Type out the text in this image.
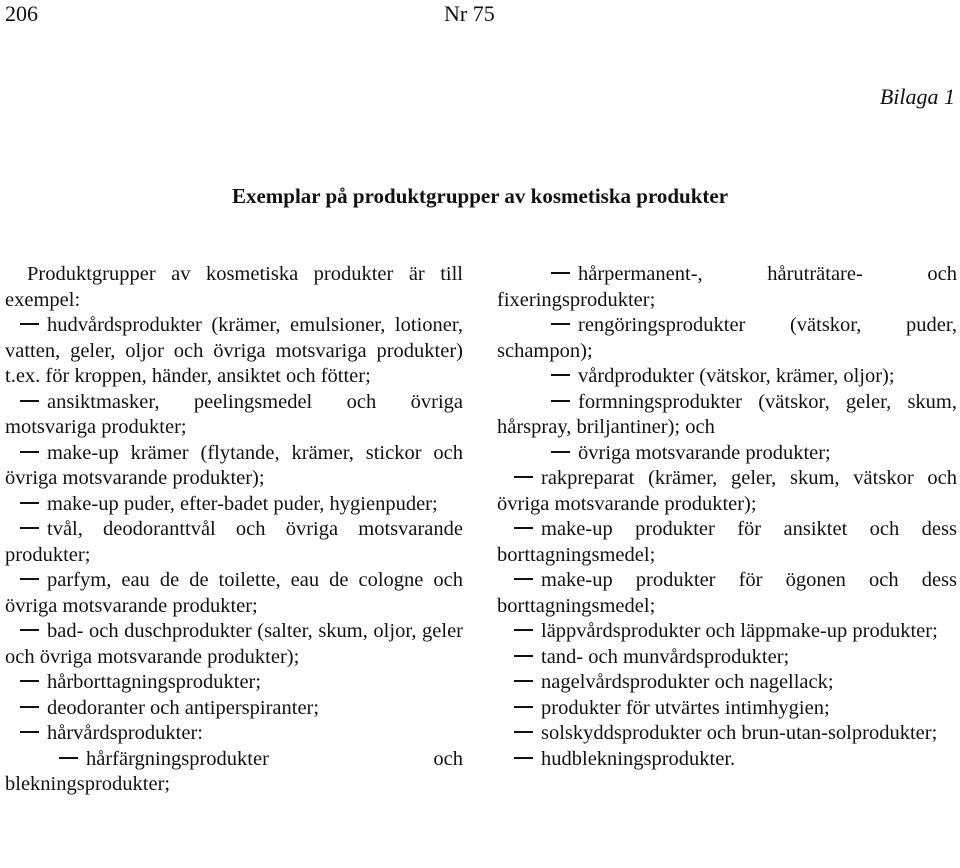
206	Nr 75
Bilaga 1
Exemplar på produktgrupper av kosmetiska produkter

Produktgrupper av kosmetiska produkter är till exempel:

hudvårdsprodukter (krämer, emulsioner, lotioner, vatten, geler, oljor och övriga motsvariga produkter) t.ex. för kroppen, händer, ansiktet och fötter;

ansiktmasker, peelingsmedel och övriga motsvariga produkter;

make-up krämer (flytande, krämer, stickor och övriga motsvarande produkter);

make-up puder, efter-badet puder, hygienpuder;

tvål, deodoranttvål och övriga motsvarande produkter;

parfym, eau de de toilette, eau de cologne och övriga motsvarande produkter;

bad- och duschprodukter (salter, skum, oljor, geler och övriga motsvarande produkter);

hårborttagningsprodukter;

deodoranter och antiperspiranter;

hårvårdsprodukter:

hårfärgningsprodukter och blekningsprodukter;

hårpermanent-, håruträtare- och fixeringsprodukter;

rengöringsprodukter (vätskor, puder, schampon);

vårdprodukter (vätskor, krämer, oljor);

formningsprodukter (vätskor, geler, skum, hårspray, briljantiner); och

övriga motsvarande produkter;

rakpreparat (krämer, geler, skum, vätskor och övriga motsvarande produkter);

make-up produkter för ansiktet och dess borttagningsmedel;

make-up produkter för ögonen och dess borttagningsmedel;

läppvårdsprodukter och läppmake-up produkter;

tand- och munvårdsprodukter;

nagelvårdsprodukter och nagellack;

produkter för utvärtes intimhygien;

solskyddsprodukter och brun-utan-solprodukter;

hudblekningsprodukter.
